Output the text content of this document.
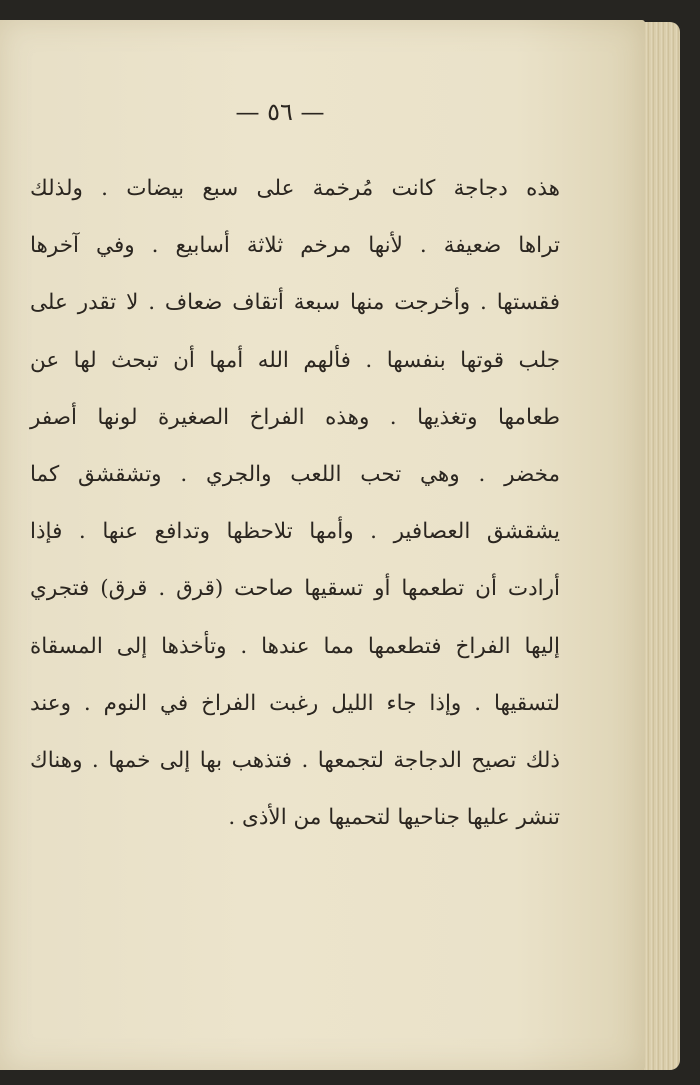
— ٥٦ —
هذه دجاجة كانت مُرخمة على سبع بيضات . ولذلك
تراها ضعيفة . لأنها مرخم ثلاثة أسابيع . وفي آخرها
فقستها . وأخرجت منها سبعة أتقاف ضعاف . لا تقدر على
جلب قوتها بنفسها . فألهم الله أمها أن تبحث لها عن
طعامها وتغذيها . وهذه الفراخ الصغيرة لونها أصفر
مخضر . وهي تحب اللعب والجري . وتشقشق كما
يشقشق العصافير . وأمها تلاحظها وتدافع عنها . فإذا
أرادت أن تطعمها أو تسقيها صاحت (قرق . قرق) فتجري
إليها الفراخ فتطعمها مما عندها . وتأخذها إلى المسقاة
لتسقيها . وإذا جاء الليل رغبت الفراخ في النوم . وعند
ذلك تصيح الدجاجة لتجمعها . فتذهب بها إلى خمها . وهناك
تنشر عليها جناحيها لتحميها من الأذى .
